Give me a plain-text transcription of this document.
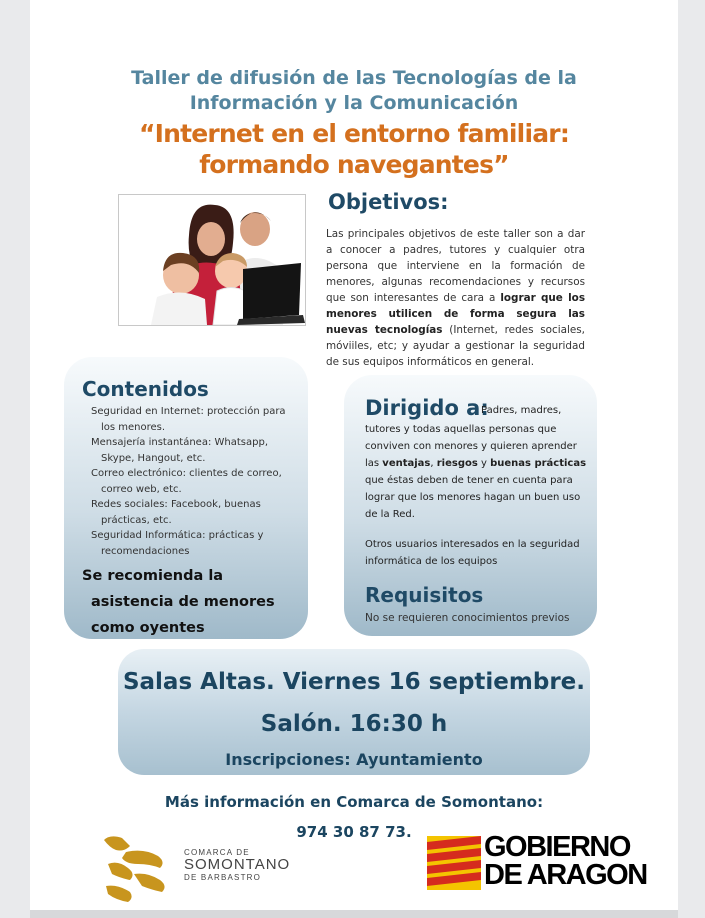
Taller de difusión de las Tecnologías de la
Información y la Comunicación
“Internet en el entorno familiar:
formando navegantes”
Objetivos:
Las principales objetivos de este taller son a dar a conocer a padres, tutores y cualquier otra persona que interviene en la formación de menores, algunas recomendaciones y recursos que son interesantes de cara a lograr que los menores utilicen de forma segura las nuevas tecnologías (Internet, redes sociales, móviiles, etc; y ayudar a gestionar la seguridad de sus equipos informáticos en general.
Contenidos
Seguridad en Internet: protección para los menores.
Mensajería instantánea: Whatsapp, Skype, Hangout, etc.
Correo electrónico: clientes de correo, correo web, etc.
Redes sociales: Facebook, buenas prácticas, etc.
Seguridad Informática: prácticas y recomendaciones
Se recomienda la
asistencia de menores
como oyentes
Dirigido a:
Padres, madres,
tutores y todas aquellas personas que conviven con menores y quieren aprender las ventajas, riesgos y buenas prácticas que éstas deben de tener en cuenta para lograr que los menores hagan un buen uso de la Red.
Otros usuarios interesados en la seguridad informática de los equipos
Requisitos
No se requieren conocimientos previos
Salas Altas. Viernes 16 septiembre.
Salón. 16:30 h
Inscripciones: Ayuntamiento
Más información en Comarca de Somontano:
974 30 87 73.
COMARCA DE
SOMONTANO
DE BARBASTRO
GOBIERNO
DE ARAGON
